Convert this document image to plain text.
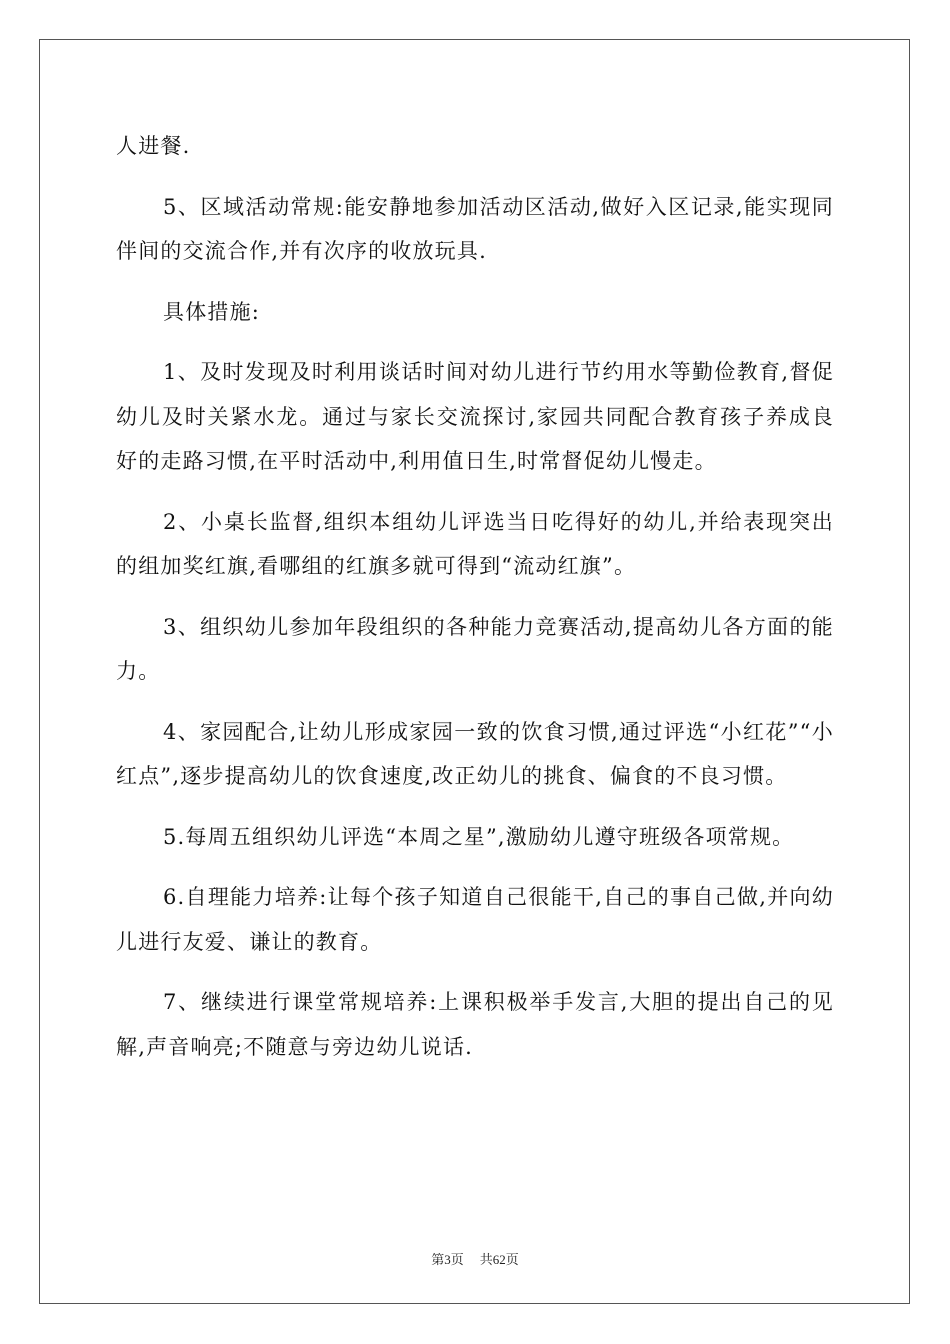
人进餐.

5、区域活动常规:能安静地参加活动区活动,做好入区记录,能实现同伴间的交流合作,并有次序的收放玩具.

具体措施:

1、及时发现及时利用谈话时间对幼儿进行节约用水等勤俭教育,督促幼儿及时关紧水龙。通过与家长交流探讨,家园共同配合教育孩子养成良好的走路习惯,在平时活动中,利用值日生,时常督促幼儿慢走。

2、小桌长监督,组织本组幼儿评选当日吃得好的幼儿,并给表现突出的组加奖红旗,看哪组的红旗多就可得到“流动红旗”。

3、组织幼儿参加年段组织的各种能力竞赛活动,提高幼儿各方面的能力。

4、家园配合,让幼儿形成家园一致的饮食习惯,通过评选“小红花”“小红点”,逐步提高幼儿的饮食速度,改正幼儿的挑食、偏食的不良习惯。

5.每周五组织幼儿评选“本周之星”,激励幼儿遵守班级各项常规。

6.自理能力培养:让每个孩子知道自己很能干,自己的事自己做,并向幼儿进行友爱、谦让的教育。

7、继续进行课堂常规培养:上课积极举手发言,大胆的提出自己的见解,声音响亮;不随意与旁边幼儿说话.

第3页 共62页
